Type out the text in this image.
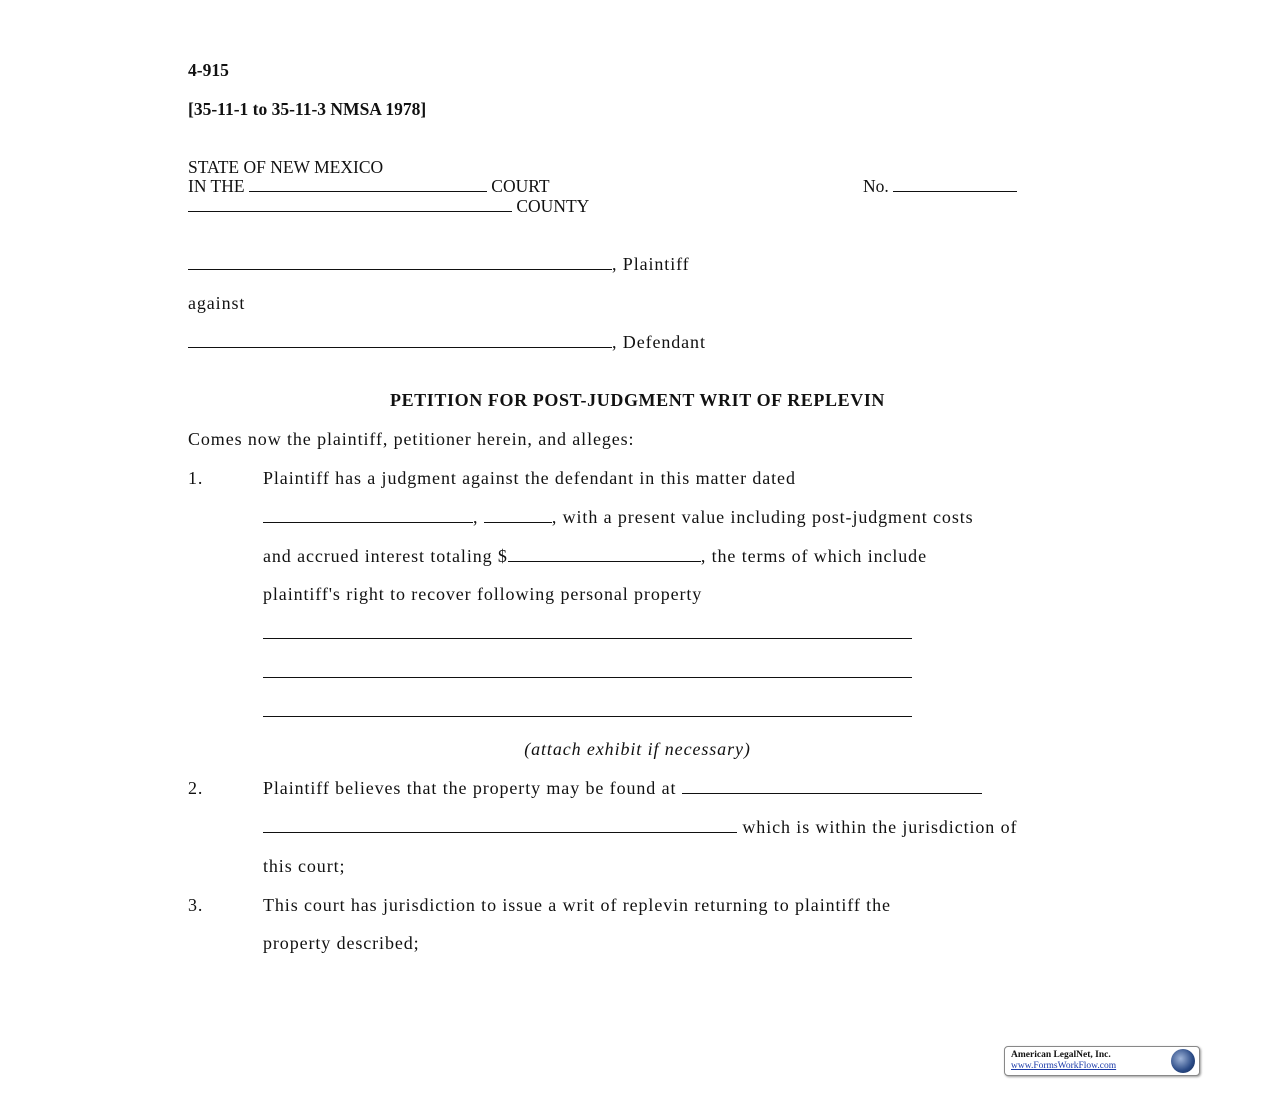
4-915
[35-11-1 to 35-11-3 NMSA 1978]
STATE OF NEW MEXICO
IN THE	COURT	No.
COUNTY
, Plaintiff
against
, Defendant
PETITION FOR POST-JUDGMENT WRIT OF REPLEVIN
Comes now the plaintiff, petitioner herein, and alleges:
1.	Plaintiff has a judgment against the defendant in this matter dated
,	, with a present value including post-judgment costs
and accrued interest totaling $	, the terms of which include
plaintiff's right to recover following personal property
(attach exhibit if necessary)
2.	Plaintiff believes that the property may be found at
which is within the jurisdiction of
this court;
3.	This court has jurisdiction to issue a writ of replevin returning to plaintiff the
property described;
American LegalNet, Inc.
www.FormsWorkFlow.com
